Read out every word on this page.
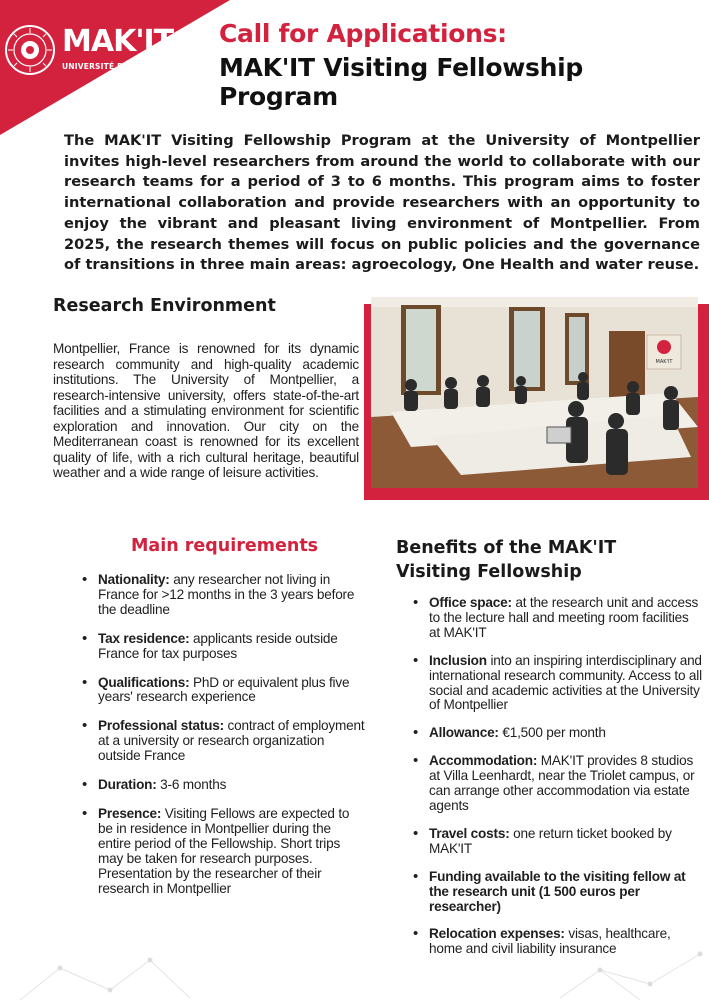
MAK'IT
UNIVERSITÉ DE MONTPELLIER
Call for Applications:
MAK'IT Visiting Fellowship Program
The MAK'IT Visiting Fellowship Program at the University of Montpellier invites high-level researchers from around the world to collaborate with our research teams for a period of 3 to 6 months. This program aims to foster international collaboration and provide researchers with an opportunity to enjoy the vibrant and pleasant living environment of Montpellier. From 2025, the research themes will focus on public policies and the governance of transitions in three main areas: agroecology, One Health and water reuse.
Research Environment
Montpellier, France is renowned for its dynamic research community and high-quality academic institutions. The University of Montpellier, a research-intensive university, offers state-of-the-art facilities and a stimulating environment for scientific exploration and innovation. Our city on the Mediterranean coast is renowned for its excellent quality of life, with a rich cultural heritage, beautiful weather and a wide range of leisure activities.
MAK'IT
Main requirements
• Nationality: any researcher not living in France for >12 months in the 3 years before the deadline
• Tax residence: applicants reside outside France for tax purposes
• Qualifications: PhD or equivalent plus five years' research experience
• Professional status: contract of employment at a university or research organization outside France
• Duration: 3-6 months
• Presence: Visiting Fellows are expected to be in residence in Montpellier during the entire period of the Fellowship. Short trips may be taken for research purposes. Presentation by the researcher of their research in Montpellier
Benefits of the MAK'IT Visiting Fellowship
• Office space: at the research unit and access to the lecture hall and meeting room facilities at MAK'IT
• Inclusion into an inspiring interdisciplinary and international research community. Access to all social and academic activities at the University of Montpellier
• Allowance: €1,500 per month
• Accommodation: MAK'IT provides 8 studios at Villa Leenhardt, near the Triolet campus, or can arrange other accommodation via estate agents
• Travel costs: one return ticket booked by MAK'IT
• Funding available to the visiting fellow at the research unit (1 500 euros per researcher)
• Relocation expenses: visas, healthcare, home and civil liability insurance
